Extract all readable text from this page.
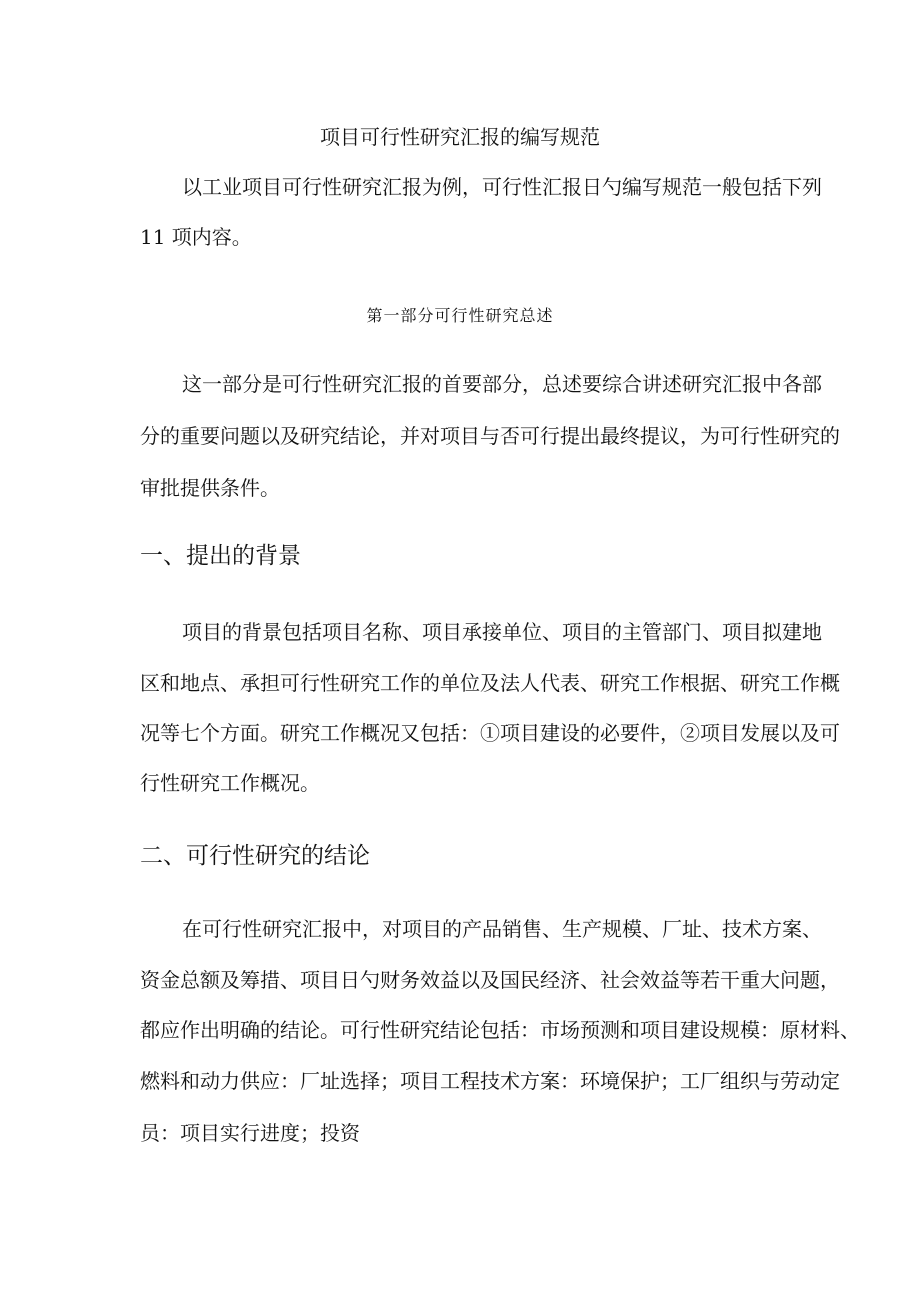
项目可行性研究汇报的编写规范
以工业项目可行性研究汇报为例，可行性汇报日勺编写规范一般包括下列
11 项内容。
第一部分可行性研究总述
这一部分是可行性研究汇报的首要部分，总述要综合讲述研究汇报中各部
分的重要问题以及研究结论，并对项目与否可行提出最终提议，为可行性研究的
审批提供条件。
一、提出的背景
项目的背景包括项目名称、项目承接单位、项目的主管部门、项目拟建地
区和地点、承担可行性研究工作的单位及法人代表、研究工作根据、研究工作概
况等七个方面。研究工作概况又包括：①项目建设的必要件，②项目发展以及可
行性研究工作概况。
二、可行性研究的结论
在可行性研究汇报中，对项目的产品销售、生产规模、厂址、技术方案、
资金总额及筹措、项目日勺财务效益以及国民经济、社会效益等若干重大问题，
都应作出明确的结论。可行性研究结论包括：市场预测和项目建设规模：原材料、
燃料和动力供应：厂址选择；项目工程技术方案：环境保护；工厂组织与劳动定
员：项目实行进度；投资
